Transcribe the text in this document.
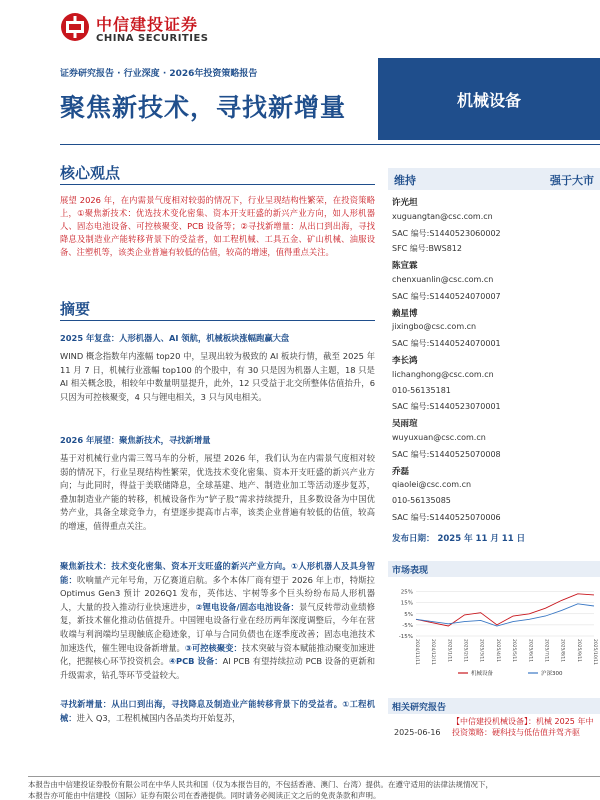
中信建投证券
CHINA SECURITIES
证券研究报告 · 行业深度 · 2026年投资策略报告
聚焦新技术，寻找新增量	机械设备
核心观点
展望 2026 年，在内需景气度相对较弱的情况下，行业呈现结构性繁荣，在投资策略上，①聚焦新技术：优选技术变化密集、资本开支旺盛的新兴产业方向，如人形机器人、固态电池设备、可控核聚变、PCB 设备等；②寻找新增量：从出口到出海，寻找降息及制造业产能转移背景下的受益者，如工程机械、工具五金、矿山机械、油服设备、注塑机等，该类企业普遍有较低的估值，较高的增速，值得重点关注。
摘要
2025 年复盘：人形机器人、AI 领航，机械板块涨幅跑赢大盘
WIND 概念指数年内涨幅 top20 中，呈现出较为极致的 AI 板块行情，截至 2025 年 11 月 7 日，机械行业涨幅 top100 的个股中，有 30 只是因为机器人主题，18 只是 AI 相关概念股，相较年中数量明显提升，此外，12 只受益于北交所整体估值抬升，6 只因为可控核聚变，4 只与锂电相关，3 只与风电相关。
2026 年展望：聚焦新技术，寻找新增量
基于对机械行业内需三驾马车的分析，展望 2026 年，我们认为在内需景气度相对较弱的情况下，行业呈现结构性繁荣，优选技术变化密集、资本开支旺盛的新兴产业方向；与此同时，得益于美联储降息，全球基建、地产、制造业加工等活动逐步复苏，叠加制造业产能的转移，机械设备作为“铲子股”需求持续提升，且多数设备为中国优势产业，具备全球竞争力，有望逐步提高市占率，该类企业普遍有较低的估值，较高的增速，值得重点关注。
聚焦新技术：技术变化密集、资本开支旺盛的新兴产业方向。①人形机器人及具身智能：吹响量产元年号角，万亿赛道启航。多个本体厂商有望于 2026 年上市，特斯拉 Optimus Gen3 预计 2026Q1 发布，英伟达、宇树等多个巨头纷纷布局人形机器人，大量的投入推动行业快速进步，②锂电设备/固态电池设备：景气反转带动业绩修复，新技术催化推动估值提升。中国锂电设备行业在经历两年深度调整后，今年在营收端与利润端均呈现触底企稳迹象，订单与合同负债也在逐季度改善；固态电池技术加速迭代，催生锂电设备新增量。③可控核聚变：技术突破与资本赋能推动聚变加速进化，把握核心环节投资机会。④PCB 设备：AI PCB 有望持续拉动 PCB 设备的更新和升级需求，钻孔等环节受益较大。
寻找新增量：从出口到出海，寻找降息及制造业产能转移背景下的受益者。①工程机械：进入 Q3，工程机械国内各品类均开始复苏，
维持	强于大市
许光坦
xuguangtan@csc.com.cn
SAC 编号:S1440523060002
SFC 编号:BWS812
陈宣霖
chenxuanlin@csc.com.cn
SAC 编号:S1440524070007
赖星博
jixingbo@csc.com.cn
SAC 编号:S1440524070001
李长鸿
lichanghong@csc.com.cn
010-56135181
SAC 编号:S1440523070001
吴雨瑄
wuyuxuan@csc.com.cn
SAC 编号:S1440525070008
乔磊
qiaolei@csc.com.cn
010-56135085
SAC 编号:S1440525070006
发布日期： 2025 年 11 月 11 日
市场表现
-15%
-5%
5%
15%
25%
2024/11/11 2024/12/11 2025/1/11 2025/2/11 2025/3/11 2025/4/11 2025/5/11 2025/6/11 2025/7/11 2025/8/11 2025/9/11 2025/10/11
机械设备	沪深300
相关研究报告
2025-06-16
【中信建投机械设备】：机械 2025 年中投资策略：硬科技与低估值并驾齐驱
本报告由中信建投证券股份有限公司在中华人民共和国（仅为本报告目的，不包括香港、澳门、台湾）提供。在遵守适用的法律法规情况下，
本报告亦可能由中信建投（国际）证券有限公司在香港提供。同时请务必阅读正文之后的免责条款和声明。
